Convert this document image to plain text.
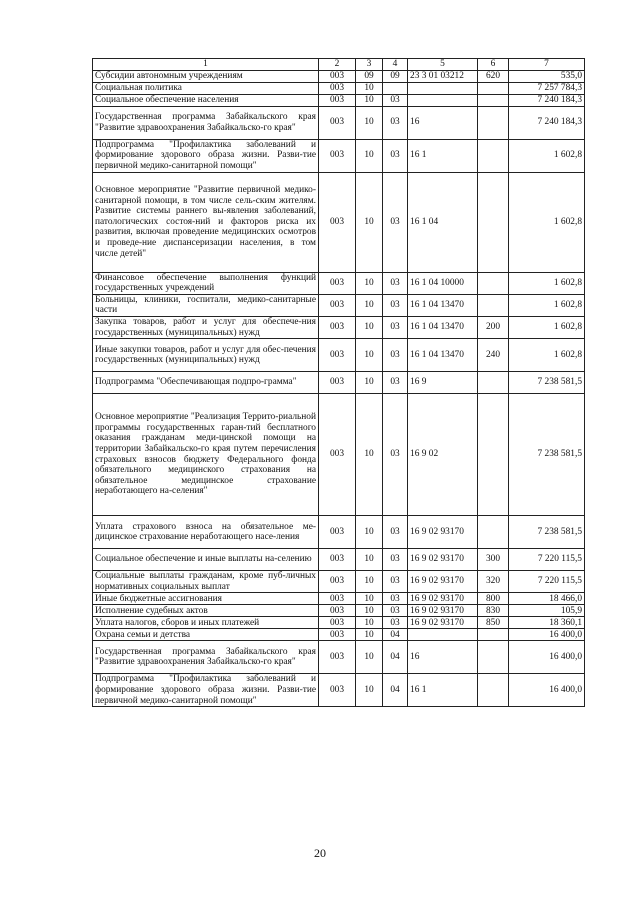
1	2	3	4	5	6	7
Субсидии автономным учреждениям	003	09	09	23 3 01 03212	620	535,0
Социальная политика	003	10				7 257 784,3
Социальное обеспечение населения	003	10	03			7 240 184,3
Государственная программа Забайкальского края "Развитие здравоохранения Забайкальско-го края"	003	10	03	16		7 240 184,3
Подпрограмма "Профилактика заболеваний и формирование здорового образа жизни. Разви-тие первичной медико-санитарной помощи"	003	10	03	16 1		1 602,8
Основное мероприятие "Развитие первичной медико-санитарной помощи, в том числе сель-ским жителям. Развитие системы раннего вы-явления заболеваний, патологических состоя-ний и факторов риска их развития, включая проведение медицинских осмотров и проведе-ние диспансеризации населения, в том числе детей"	003	10	03	16 1 04		1 602,8
Финансовое обеспечение выполнения функций государственных учреждений	003	10	03	16 1 04 10000		1 602,8
Больницы, клиники, госпитали, медико-санитарные части	003	10	03	16 1 04 13470		1 602,8
Закупка товаров, работ и услуг для обеспече-ния государственных (муниципальных) нужд	003	10	03	16 1 04 13470	200	1 602,8
Иные закупки товаров, работ и услуг для обес-печения государственных (муниципальных) нужд	003	10	03	16 1 04 13470	240	1 602,8
Подпрограмма "Обеспечивающая подпро-грамма"	003	10	03	16 9		7 238 581,5
Основное мероприятие "Реализация Террито-риальной программы государственных гаран-тий бесплатного оказания гражданам меди-цинской помощи на территории Забайкальско-го края путем перечисления страховых взносов бюджету Федерального фонда обязательного медицинского страхования на обязательное медицинское страхование неработающего на-селения"	003	10	03	16 9 02		7 238 581,5
Уплата страхового взноса на обязательное ме-дицинское страхование неработающего насе-ления	003	10	03	16 9 02 93170		7 238 581,5
Социальное обеспечение и иные выплаты на-селению	003	10	03	16 9 02 93170	300	7 220 115,5
Социальные выплаты гражданам, кроме пуб-личных нормативных социальных выплат	003	10	03	16 9 02 93170	320	7 220 115,5
Иные бюджетные ассигнования	003	10	03	16 9 02 93170	800	18 466,0
Исполнение судебных актов	003	10	03	16 9 02 93170	830	105,9
Уплата налогов, сборов и иных платежей	003	10	03	16 9 02 93170	850	18 360,1
Охрана семьи и детства	003	10	04			16 400,0
Государственная программа Забайкальского края "Развитие здравоохранения Забайкальско-го края"	003	10	04	16		16 400,0
Подпрограмма "Профилактика заболеваний и формирование здорового образа жизни. Разви-тие первичной медико-санитарной помощи"	003	10	04	16 1		16 400,0
20
